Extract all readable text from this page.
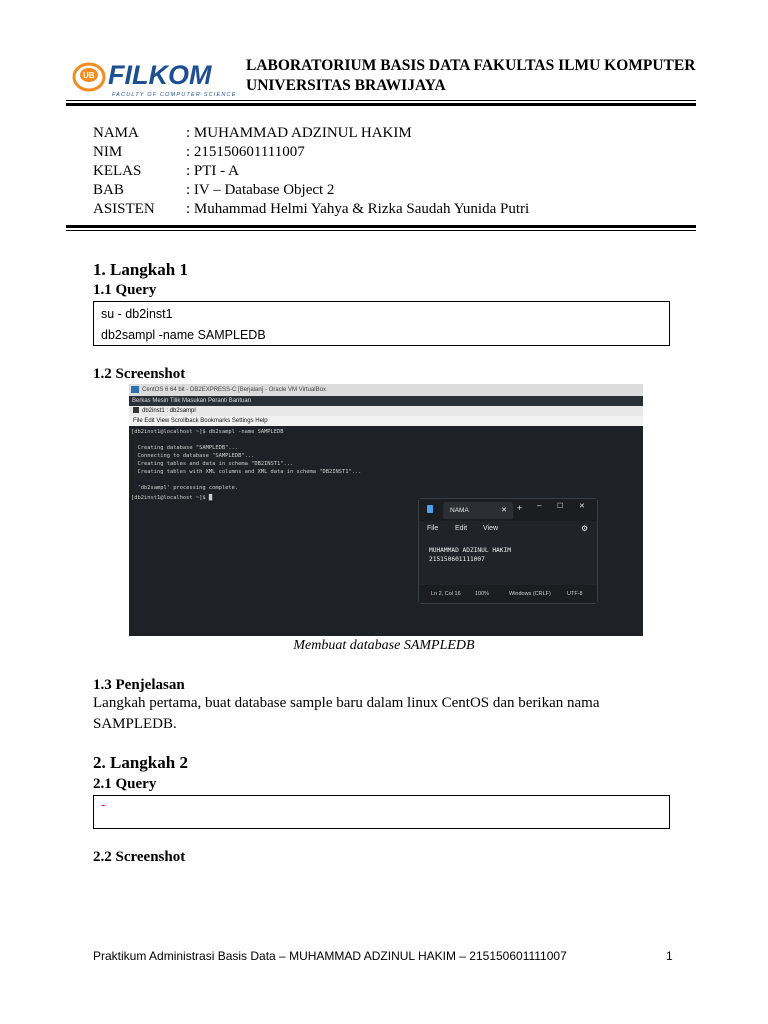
UB FILKOM
FACULTY OF COMPUTER SCIENCE
LABORATORIUM BASIS DATA FAKULTAS ILMU KOMPUTER
UNIVERSITAS BRAWIJAYA
NAMA	: MUHAMMAD ADZINUL HAKIM
NIM	: 215150601111007
KELAS	: PTI - A
BAB	: IV – Database Object 2
ASISTEN : Muhammad Helmi Yahya & Rizka Saudah Yunida Putri
1. Langkah 1
1.1 Query
su - db2inst1
db2sampl -name SAMPLEDB
1.2 Screenshot
CentOS 6 64 bit - DB2EXPRESS-C [Berjalan] - Oracle VM VirtualBox
Berkas Mesin Tilik Masukan Peranti Bantuan
db2inst1 : db2sampl
File Edit View Scrollback Bookmarks Settings Help
[db2inst1@localhost ~]$ db2sampl -name SAMPLEDB
Creating database "SAMPLEDB"...
Connecting to database "SAMPLEDB"...
Creating tables and data in schema "DB2INST1"...
Creating tables with XML columns and XML data in schema "DB2INST1"...
'db2sampl' processing complete.
[db2inst1@localhost ~]$ █
NAMA	✕ + – ☐ ✕
File Edit View	⚙
MUHAMMAD ADZINUL HAKIM
215150601111007
Ln 2, Col 16	100%	Windows (CRLF)	UTF-8
Membuat database SAMPLEDB
1.3 Penjelasan
Langkah pertama, buat database sample baru dalam linux CentOS dan berikan nama SAMPLEDB.
2. Langkah 2
2.1 Query
-
2.2 Screenshot
Praktikum Administrasi Basis Data – MUHAMMAD ADZINUL HAKIM – 215150601111007	1
